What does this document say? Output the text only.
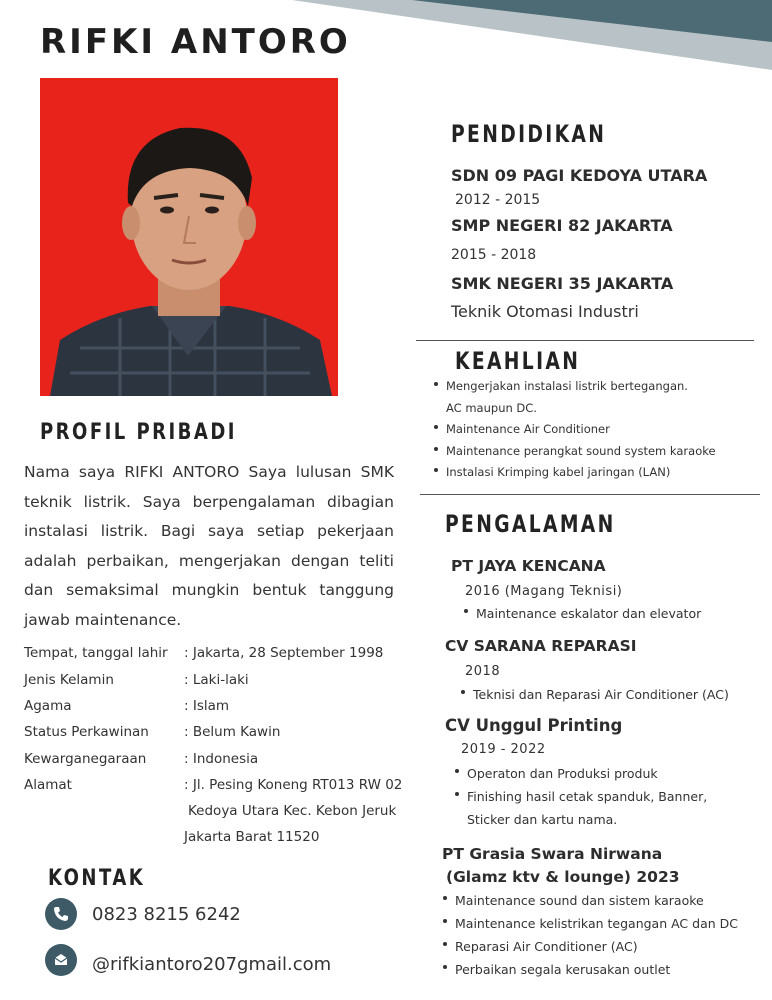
RIFKI ANTORO
PROFIL PRIBADI
Nama saya RIFKI ANTORO Saya lulusan SMK teknik listrik. Saya berpengalaman dibagian instalasi listrik. Bagi saya setiap pekerjaan adalah perbaikan, mengerjakan dengan teliti dan semaksimal mungkin bentuk tanggung jawab maintenance.
Tempat, tanggal lahir : Jakarta, 28 September 1998
Jenis Kelamin	: Laki-laki
Agama	: Islam
Status Perkawinan	: Belum Kawin
Kewarganegaraan	: Indonesia
Alamat	: Jl. Pesing Koneng RT013 RW 02
Kedoya Utara Kec. Kebon Jeruk
Jakarta Barat 11520
KONTAK
0823 8215 6242
@rifkiantoro207gmail.com
PENDIDIKAN
SDN 09 PAGI KEDOYA UTARA
2012 - 2015
SMP NEGERI 82 JAKARTA
2015 - 2018
SMK NEGERI 35 JAKARTA
Teknik Otomasi Industri
KEAHLIAN
Mengerjakan instalasi listrik bertegangan.
AC maupun DC.
Maintenance Air Conditioner
Maintenance perangkat sound system karaoke
Instalasi Krimping kabel jaringan (LAN)
PENGALAMAN
PT JAYA KENCANA
2016 (Magang Teknisi)
Maintenance eskalator dan elevator
CV SARANA REPARASI
2018
Teknisi dan Reparasi Air Conditioner (AC)
CV Unggul Printing
2019 - 2022
Operaton dan Produksi produk
Finishing hasil cetak spanduk, Banner,
Sticker dan kartu nama.
PT Grasia Swara Nirwana
(Glamz ktv & lounge) 2023
Maintenance sound dan sistem karaoke
Maintenance kelistrikan tegangan AC dan DC
Reparasi Air Conditioner (AC)
Perbaikan segala kerusakan outlet
